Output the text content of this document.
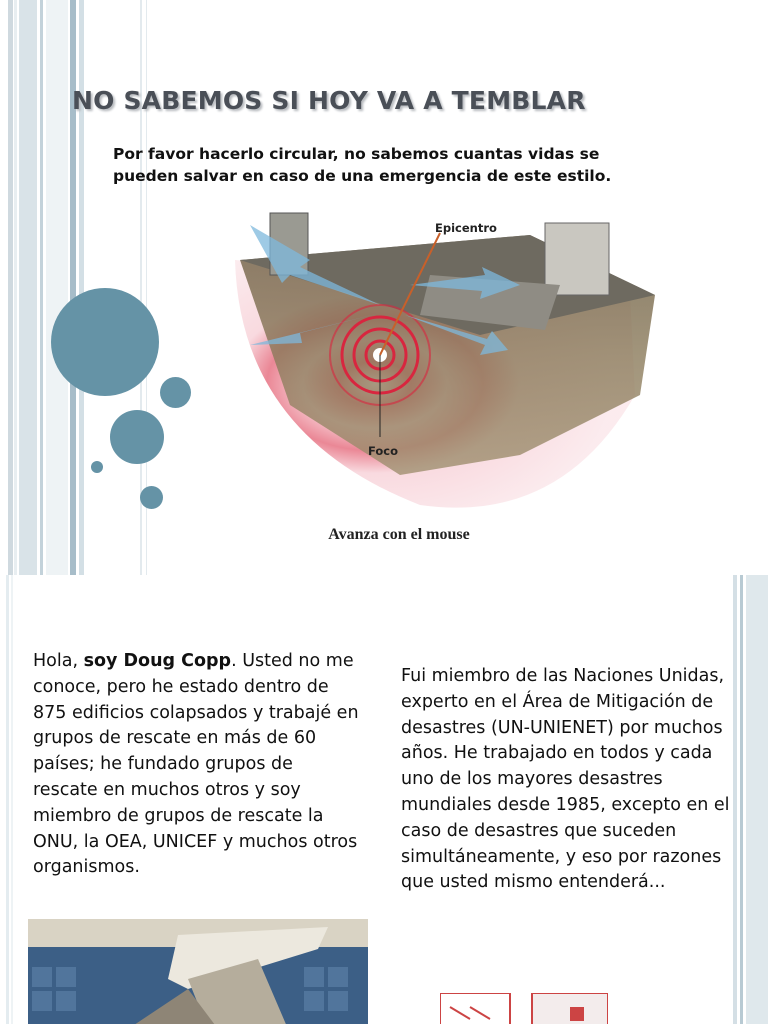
NO SABEMOS SI HOY VA A TEMBLAR

Por favor hacerlo circular, no sabemos cuantas vidas se pueden salvar en caso de una emergencia de este estilo.

Epicentro
Foco
Avanza con el mouse

Hola, soy Doug Copp. Usted no me conoce, pero he estado dentro de 875 edificios colapsados y trabajé en grupos de rescate en más de 60 países; he fundado grupos de rescate en muchos otros y soy miembro de grupos de rescate la ONU, la OEA, UNICEF y muchos otros organismos.

Fui miembro de las Naciones Unidas, experto en el Área de Mitigación de desastres (UN-UNIENET) por muchos años. He trabajado en todos y cada uno de los mayores desastres mundiales desde 1985, excepto en el caso de desastres que suceden simultáneamente, y eso por razones que usted mismo entenderá...
